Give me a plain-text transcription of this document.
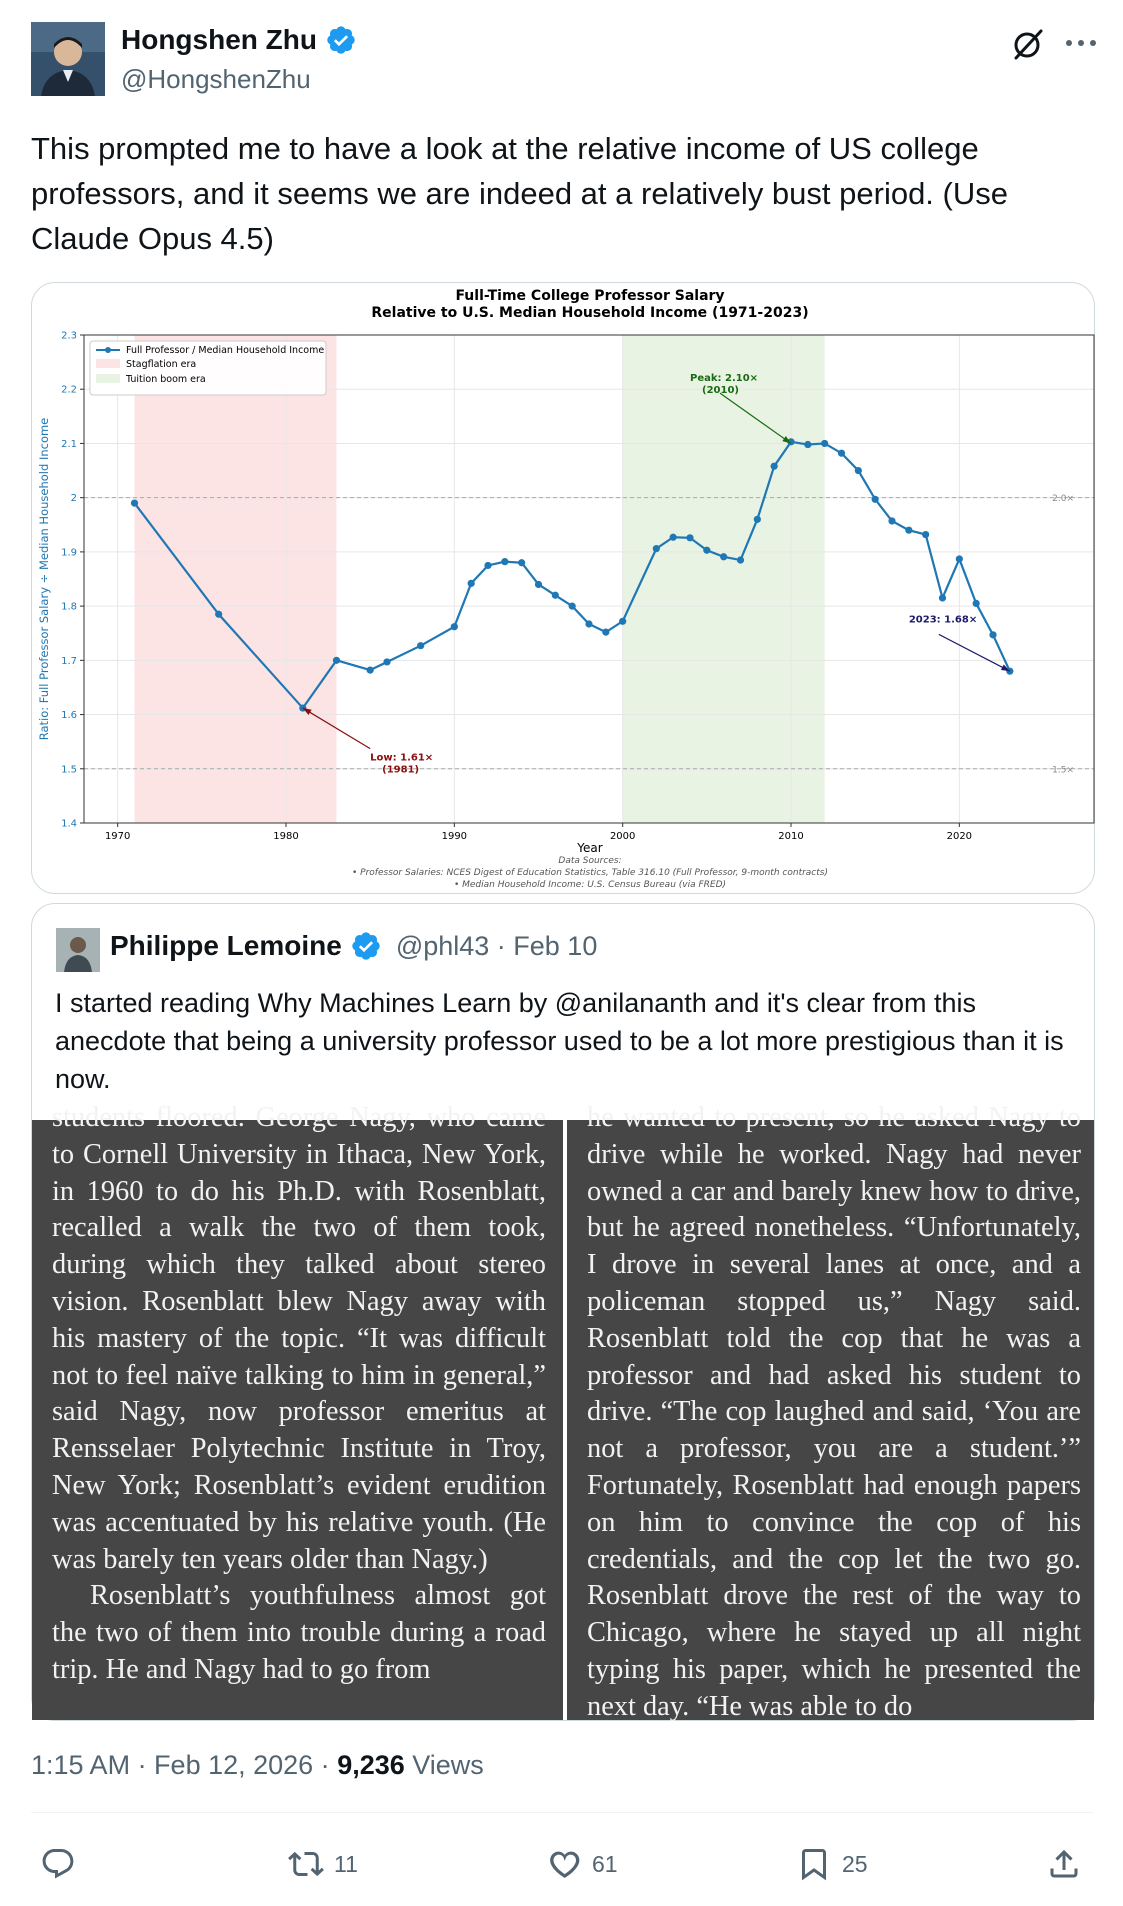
Hongshen Zhu
@HongshenZhu
This prompted me to have a look at the relative income of US college professors, and it seems we are indeed at a relatively bust period. (Use Claude Opus 4.5)
Full-Time College Professor Salary
Relative to U.S. Median Household Income (1971-2023)
2.0×
1.5×
1970	1980	1990	2000	2010	2020
1.4
1.5
1.6
1.7
1.8
1.9
2
2.1
2.2
2.3
Year
Ratio: Full Professor Salary ÷ Median Household Income
Peak: 2.10×
(2010)
Low: 1.61×
(1981)
2023: 1.68×
Full Professor / Median Household Income
Stagflation era
Tuition boom era
Data Sources:
• Professor Salaries: NCES Digest of Education Statistics, Table 316.10 (Full Professor, 9-month contracts)
• Median Household Income: U.S. Census Bureau (via FRED)
Philippe Lemoine @phl43 · Feb 10
I started reading Why Machines Learn by @anilananth and it's clear from this anecdote that being a university professor used to be a lot more prestigious than it is now.

students floored. George Nagy, who came to Cornell University in Ithaca, New York, in 1960 to do his Ph.D. with Rosenblatt, recalled a walk the two of them took, during which they talked about stereo vision. Rosenblatt blew Nagy away with his mastery of the topic. “It was difficult not to feel naïve talking to him in general,” said Nagy, now professor emeritus at Rensselaer Polytechnic Institute in Troy, New York; Rosenblatt’s evident erudition was accentuated by his relative youth. (He was barely ten years older than Nagy.)

Rosenblatt’s youthfulness almost got the two of them into trouble during a road trip. He and Nagy had to go from

he wanted to present, so he asked Nagy to drive while he worked. Nagy had never owned a car and barely knew how to drive, but he agreed nonetheless. “Unfortunately, I drove in several lanes at once, and a policeman stopped us,” Nagy said. Rosenblatt told the cop that he was a professor and had asked his student to drive. “The cop laughed and said, ‘You are not a professor, you are a student.’” Fortunately, Rosenblatt had enough papers on him to convince the cop of his credentials, and the cop let the two go. Rosenblatt drove the rest of the way to Chicago, where he stayed up all night typing his paper, which he presented the next day. “He was able to do

1:15 AM · Feb 12, 2026 · 9,236 Views
11	61	25
